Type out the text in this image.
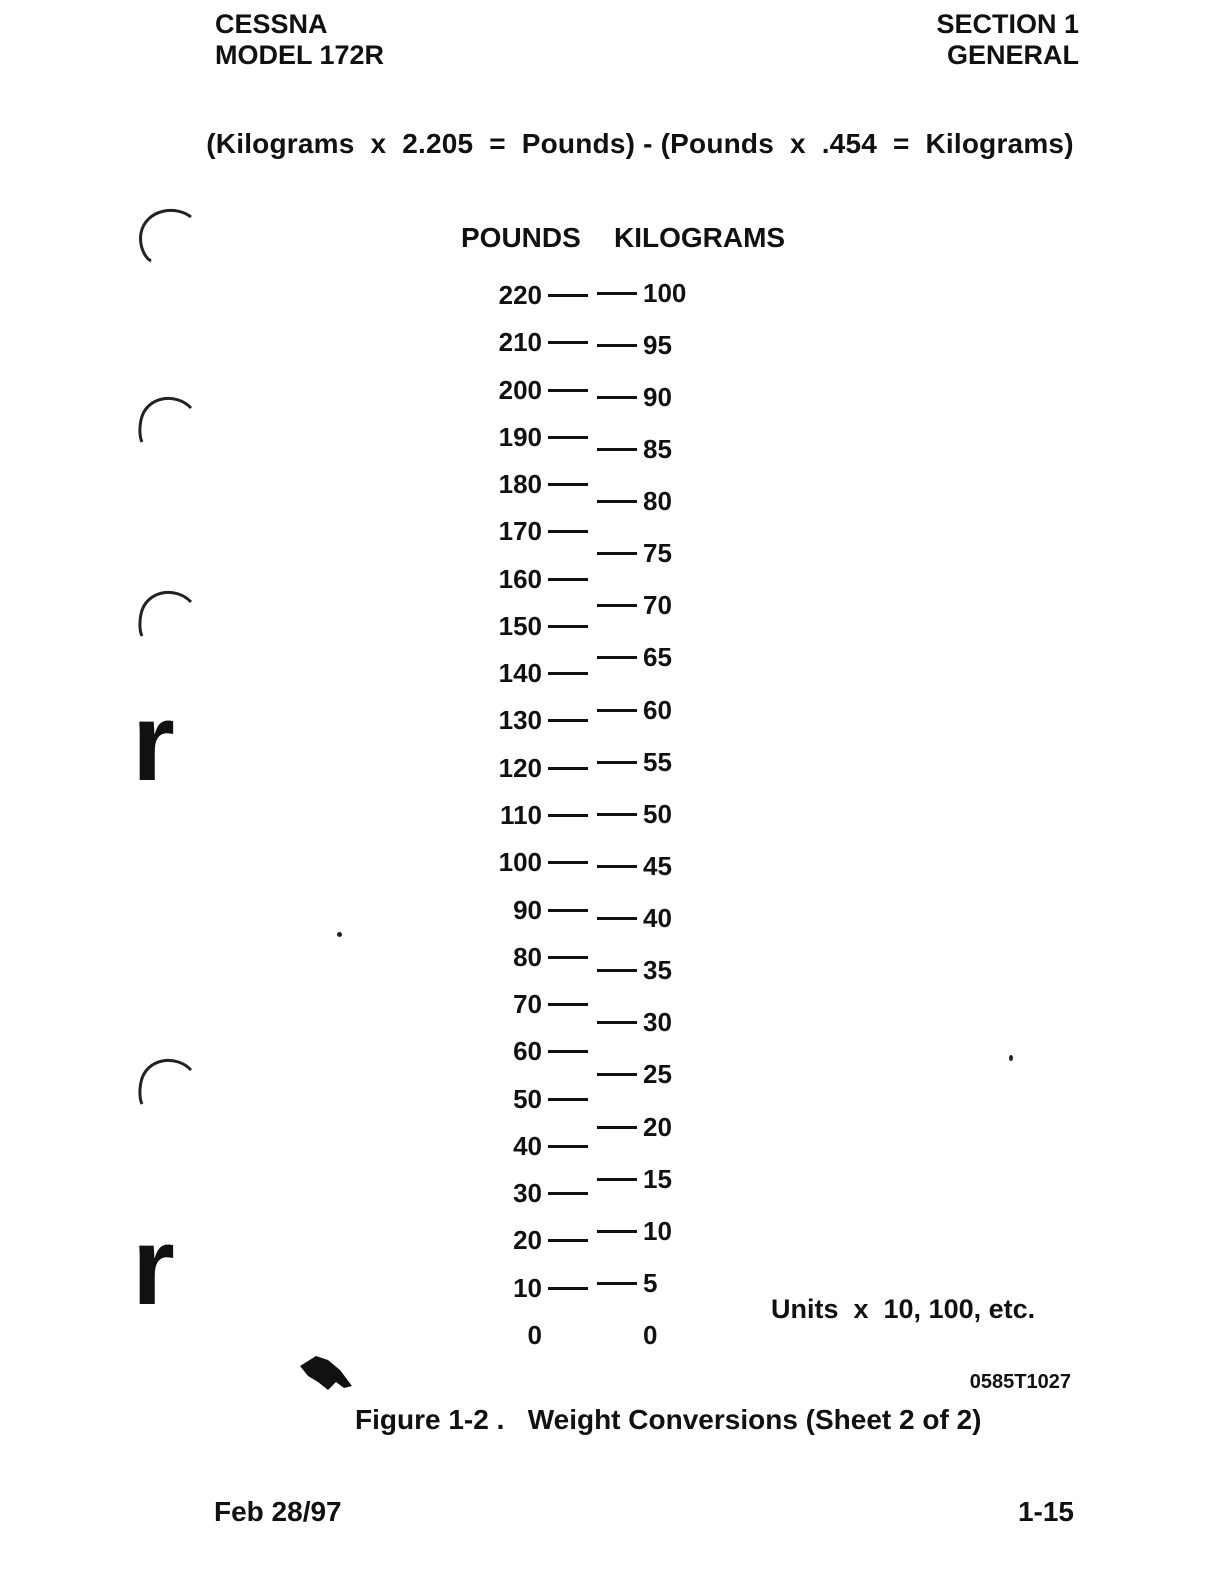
CESSNA
MODEL 172R
SECTION 1
GENERAL
(Kilograms  x  2.205  =  Pounds) - (Pounds  x  .454  =  Kilograms)
POUNDS KILOGRAMS
220
210
200
190
180
170
160
150
140
130
120
110
100
90
80
70
60
50
40
30
20
10
0
100
95
90
85
80
75
70
65
60
55
50
45
40
35
30
25
20
15
10
5
0
r
r	Units  x  10, 100, etc.
0585T1027
Figure 1-2 .   Weight Conversions (Sheet 2 of 2)
Feb 28/97	1-15
